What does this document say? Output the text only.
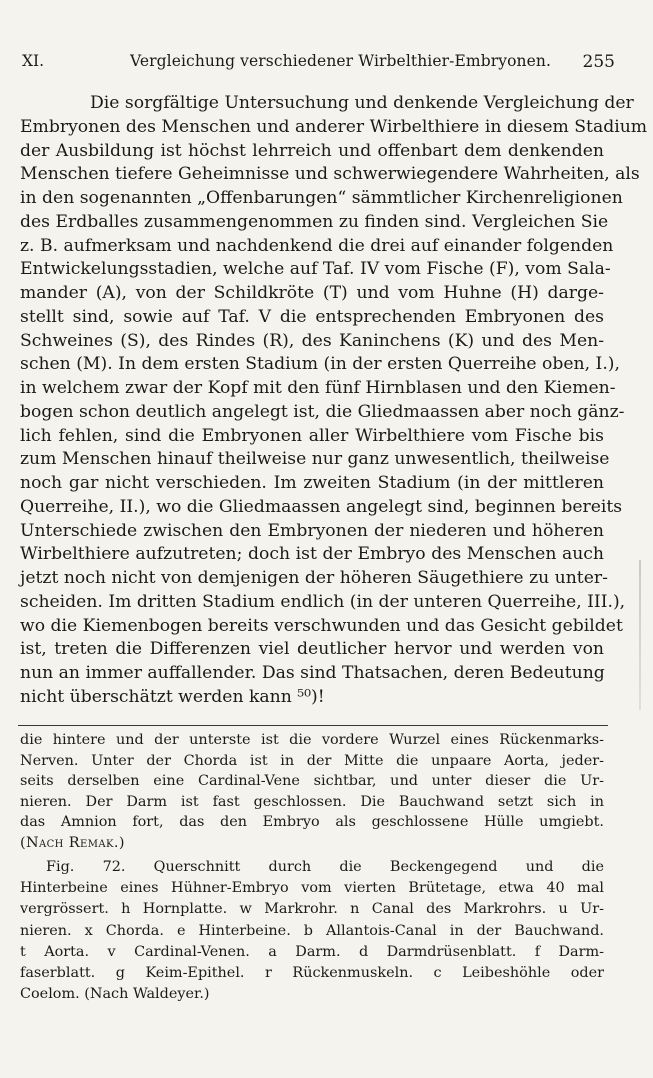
XI.	Vergleichung verschiedener Wirbelthier-Embryonen. 255
Die sorgfältige Untersuchung und denkende Vergleichung der
Embryonen des Menschen und anderer Wirbelthiere in diesem Stadium
der Ausbildung ist höchst lehrreich und offenbart dem denkenden
Menschen tiefere Geheimnisse und schwerwiegendere Wahrheiten, als
in den sogenannten „Offenbarungen“ sämmtlicher Kirchenreligionen
des Erdballes zusammengenommen zu finden sind. Vergleichen Sie
z. B. aufmerksam und nachdenkend die drei auf einander folgenden
Entwickelungsstadien, welche auf Taf. IV vom Fische (F), vom Sala-
mander (A), von der Schildkröte (T) und vom Huhne (H) darge-
stellt sind, sowie auf Taf. V die entsprechenden Embryonen des
Schweines (S), des Rindes (R), des Kaninchens (K) und des Men-
schen (M). In dem ersten Stadium (in der ersten Querreihe oben, I.),
in welchem zwar der Kopf mit den fünf Hirnblasen und den Kiemen-
bogen schon deutlich angelegt ist, die Gliedmaassen aber noch gänz-
lich fehlen, sind die Embryonen aller Wirbelthiere vom Fische bis
zum Menschen hinauf theilweise nur ganz unwesentlich, theilweise
noch gar nicht verschieden. Im zweiten Stadium (in der mittleren
Querreihe, II.), wo die Gliedmaassen angelegt sind, beginnen bereits
Unterschiede zwischen den Embryonen der niederen und höheren
Wirbelthiere aufzutreten; doch ist der Embryo des Menschen auch
jetzt noch nicht von demjenigen der höheren Säugethiere zu unter-
scheiden. Im dritten Stadium endlich (in der unteren Querreihe, III.),
wo die Kiemenbogen bereits verschwunden und das Gesicht gebildet
ist, treten die Differenzen viel deutlicher hervor und werden von
nun an immer auffallender. Das sind Thatsachen, deren Bedeutung
nicht überschätzt werden kann ⁵⁰)!
die hintere und der unterste ist die vordere Wurzel eines Rückenmarks-
Nerven. Unter der Chorda ist in der Mitte die unpaare Aorta, jeder-
seits derselben eine Cardinal-Vene sichtbar, und unter dieser die Ur-
nieren. Der Darm ist fast geschlossen. Die Bauchwand setzt sich in
das Amnion fort, das den Embryo als geschlossene Hülle umgiebt.
(Nach Remak.)
Fig. 72. Querschnitt durch die Beckengegend und die
Hinterbeine eines Hühner-Embryo vom vierten Brütetage, etwa 40 mal
vergrössert. h Hornplatte. w Markrohr. n Canal des Markrohrs. u Ur-
nieren. x Chorda. e Hinterbeine. b Allantois-Canal in der Bauchwand.
t Aorta. v Cardinal-Venen. a Darm. d Darmdrüsenblatt. f Darm-
faserblatt. g Keim-Epithel. r Rückenmuskeln. c Leibeshöhle oder
Coelom. (Nach Waldeyer.)
